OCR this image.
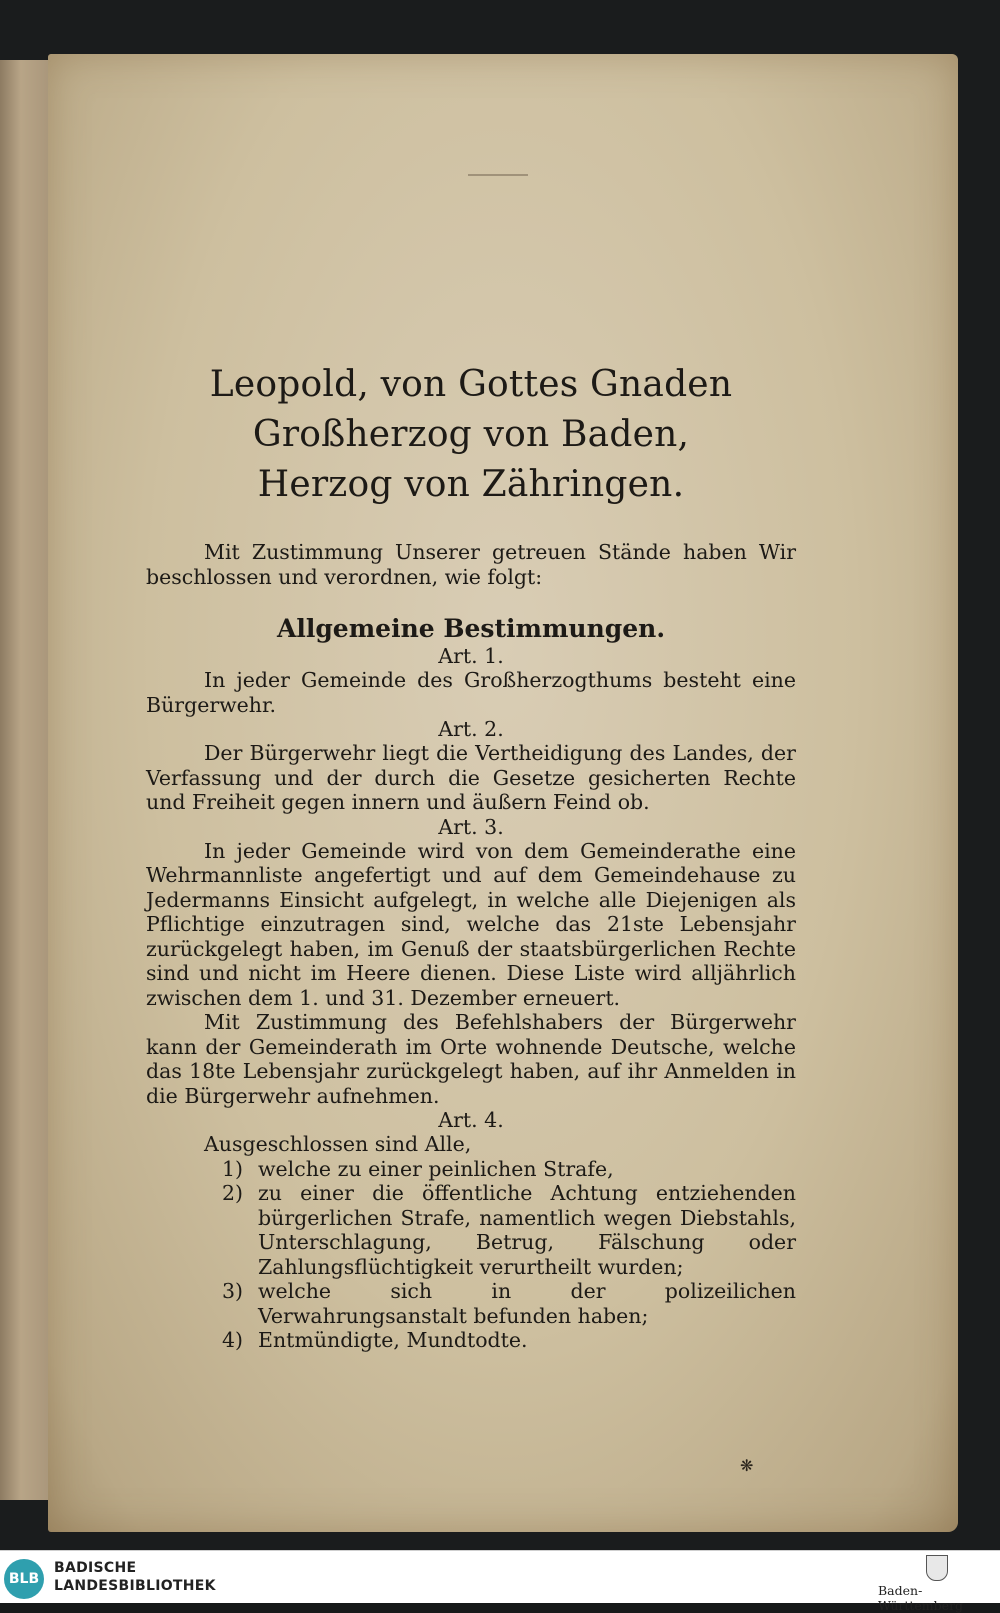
Leopold, von Gottes Gnaden Großherzog von Baden,
Herzog von Zähringen.

Mit Zustimmung Unserer getreuen Stände haben Wir beschlossen und verordnen, wie folgt:

Allgemeine Bestimmungen.

Art. 1.

In jeder Gemeinde des Großherzogthums besteht eine Bürgerwehr.

Art. 2.

Der Bürgerwehr liegt die Vertheidigung des Landes, der Verfassung und der durch die Gesetze gesicherten Rechte und Freiheit gegen innern und äußern Feind ob.

Art. 3.

In jeder Gemeinde wird von dem Gemeinderathe eine Wehrmannliste angefertigt und auf dem Gemeindehause zu Jedermanns Einsicht aufgelegt, in welche alle Diejenigen als Pflichtige einzutragen sind, welche das 21ste Lebensjahr zurückgelegt haben, im Genuß der staatsbürgerlichen Rechte sind und nicht im Heere dienen. Diese Liste wird alljährlich zwischen dem 1. und 31. Dezember erneuert.

Mit Zustimmung des Befehlshabers der Bürgerwehr kann der Gemeinderath im Orte wohnende Deutsche, welche das 18te Lebensjahr zurückgelegt haben, auf ihr Anmelden in die Bürgerwehr aufnehmen.

Art. 4.

Ausgeschlossen sind Alle,

1) welche zu einer peinlichen Strafe,
2) zu einer die öffentliche Achtung entziehenden bürgerlichen Strafe, namentlich wegen Diebstahls, Unterschlagung, Betrug, Fälschung oder Zahlungsflüchtigkeit verurtheilt wurden;
3) welche sich in der polizeilichen Verwahrungsanstalt befunden haben;
4) Entmündigte, Mundtodte.
❋
BLB
BADISCHE
LANDESBIBLIOTHEK	Baden-Württemberg
